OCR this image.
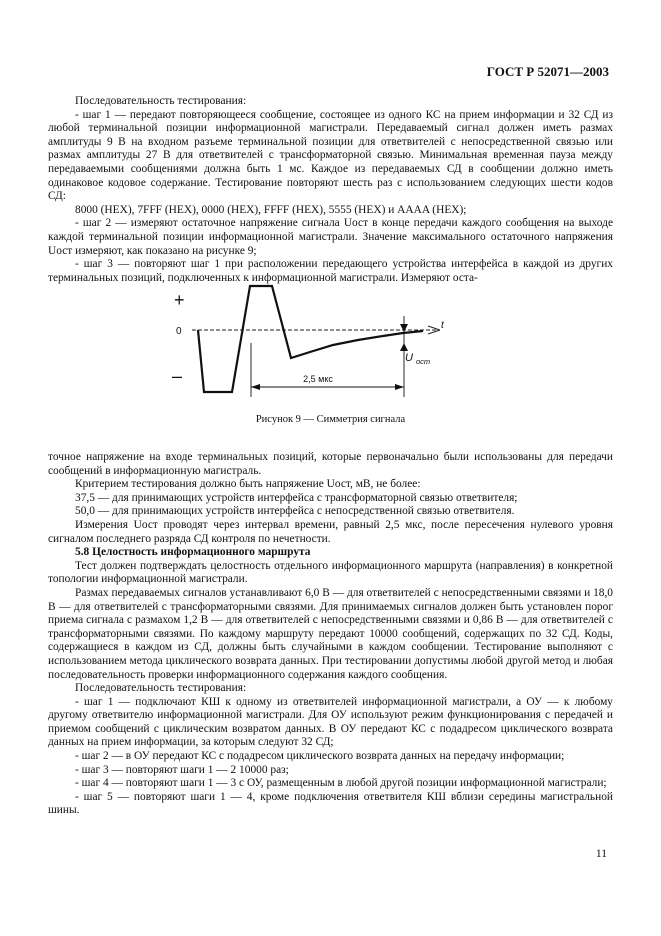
ГОСТ Р 52071—2003

Последовательность тестирования:

- шаг 1 — передают повторяющееся сообщение, состоящее из одного КС на прием информации и 32 СД из любой терминальной позиции информационной магистрали. Передаваемый сигнал должен иметь размах амплитуды 9 В на входном разъеме терминальной позиции для ответвителей с непосредственной связью или размах амплитуды 27 В для ответвителей с трансформаторной связью. Минимальная временная пауза между передаваемыми сообщениями должна быть 1 мс. Каждое из передаваемых СД в сообщении должно иметь одинаковое кодовое содержание. Тестирование повторяют шесть раз с использованием следующих шести кодов СД:

8000 (HEX), 7FFF (HEX), 0000 (HEX), FFFF (HEX), 5555 (HEX) и AAAA (HEX);

- шаг 2 — измеряют остаточное напряжение сигнала Uост в конце передачи каждого сообщения на выходе каждой терминальной позиции информационной магистрали. Значение максимального остаточного напряжения Uост измеряют, как показано на рисунке 9;

- шаг 3 — повторяют шаг 1 при расположении передающего устройства интерфейса в каждой из других терминальных позиций, подключенных к информационной магистрали. Измеряют оста-

+
0
–
t
2,5 мкс
U $_{ост}$
Рисунок 9 — Симметрия сигнала

точное напряжение на входе терминальных позиций, которые первоначально были использованы для передачи сообщений в информационную магистраль.

Критерием тестирования должно быть напряжение Uост, мВ, не более:

37,5 — для принимающих устройств интерфейса с трансформаторной связью ответвителя;

50,0 — для принимающих устройств интерфейса с непосредственной связью ответвителя.

Измерения Uост проводят через интервал времени, равный 2,5 мкс, после пересечения нулевого уровня сигналом последнего разряда СД контроля по нечетности.

5.8 Целостность информационного маршрута

Тест должен подтверждать целостность отдельного информационного маршрута (направления) в конкретной топологии информационной магистрали.

Размах передаваемых сигналов устанавливают 6,0 В — для ответвителей с непосредственными связями и 18,0 В — для ответвителей с трансформаторными связями. Для принимаемых сигналов должен быть установлен порог приема сигнала с размахом 1,2 В — для ответвителей с непосредственными связями и 0,86 В — для ответвителей с трансформаторными связями. По каждому маршруту передают 10000 сообщений, содержащих по 32 СД. Коды, содержащиеся в каждом из СД, должны быть случайными в каждом сообщении. Тестирование выполняют с использованием метода циклического возврата данных. При тестировании допустимы любой другой метод и любая последовательность проверки информационного содержания каждого сообщения.

Последовательность тестирования:

- шаг 1 — подключают КШ к одному из ответвителей информационной магистрали, а ОУ — к любому другому ответвителю информационной магистрали. Для ОУ используют режим функционирования с передачей и приемом сообщений с циклическим возвратом данных. В ОУ передают КС с подадресом циклического возврата данных на прием информации, за которым следуют 32 СД;

- шаг 2 — в ОУ передают КС с подадресом циклического возврата данных на передачу информации;

- шаг 3 — повторяют шаги 1 — 2 10000 раз;

- шаг 4 — повторяют шаги 1 — 3 с ОУ, размещенным в любой другой позиции информационной магистрали;

- шаг 5 — повторяют шаги 1 — 4, кроме подключения ответвителя КШ вблизи середины магистральной шины.

11
